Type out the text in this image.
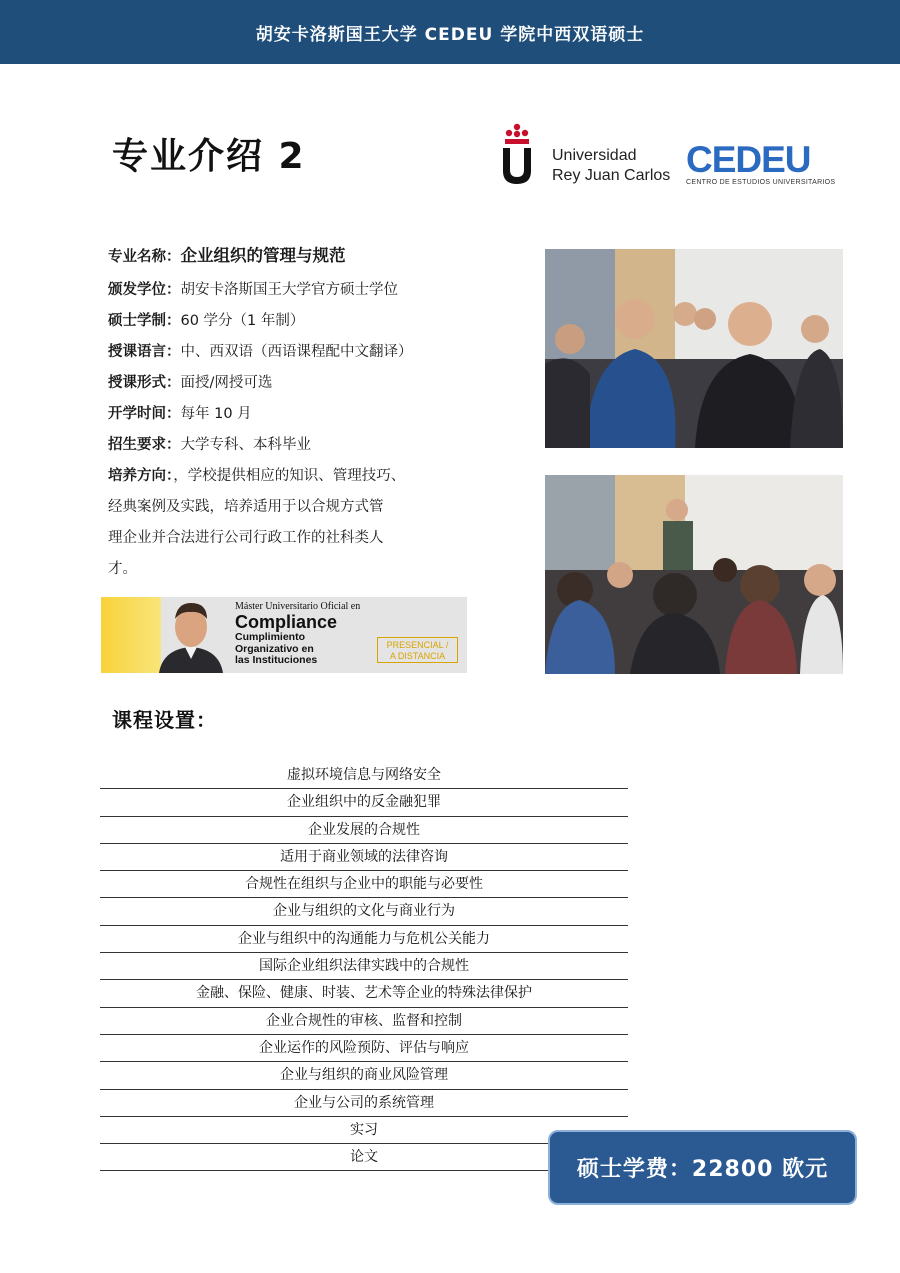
胡安卡洛斯国王大学 CEDEU 学院中西双语硕士
专业介绍 2	Universidad
Rey Juan Carlos CEDEU
CENTRO DE ESTUDIOS UNIVERSITARIOS
专业名称：企业组织的管理与规范
颁发学位：胡安卡洛斯国王大学官方硕士学位
硕士学制：60 学分（1 年制）
授课语言：中、西双语（西语课程配中文翻译）
授课形式：面授/网授可选
开学时间：每年 10 月
招生要求：大学专科、本科毕业
培养方向：，学校提供相应的知识、管理技巧、
经典案例及实践，培养适用于以合规方式管
理企业并合法进行公司行政工作的社科类人
才。
Máster Universitario Oficial en
Compliance
Cumplimiento
Organizativo en
las Instituciones
PRESENCIAL /
A DISTANCIA
课程设置：
虚拟环境信息与网络安全
企业组织中的反金融犯罪
企业发展的合规性
适用于商业领域的法律咨询
合规性在组织与企业中的职能与必要性
企业与组织的文化与商业行为
企业与组织中的沟通能力与危机公关能力
国际企业组织法律实践中的合规性
金融、保险、健康、时装、艺术等企业的特殊法律保护
企业合规性的审核、监督和控制
企业运作的风险预防、评估与响应
企业与组织的商业风险管理
企业与公司的系统管理
实习
论文	硕士学费：22800 欧元
